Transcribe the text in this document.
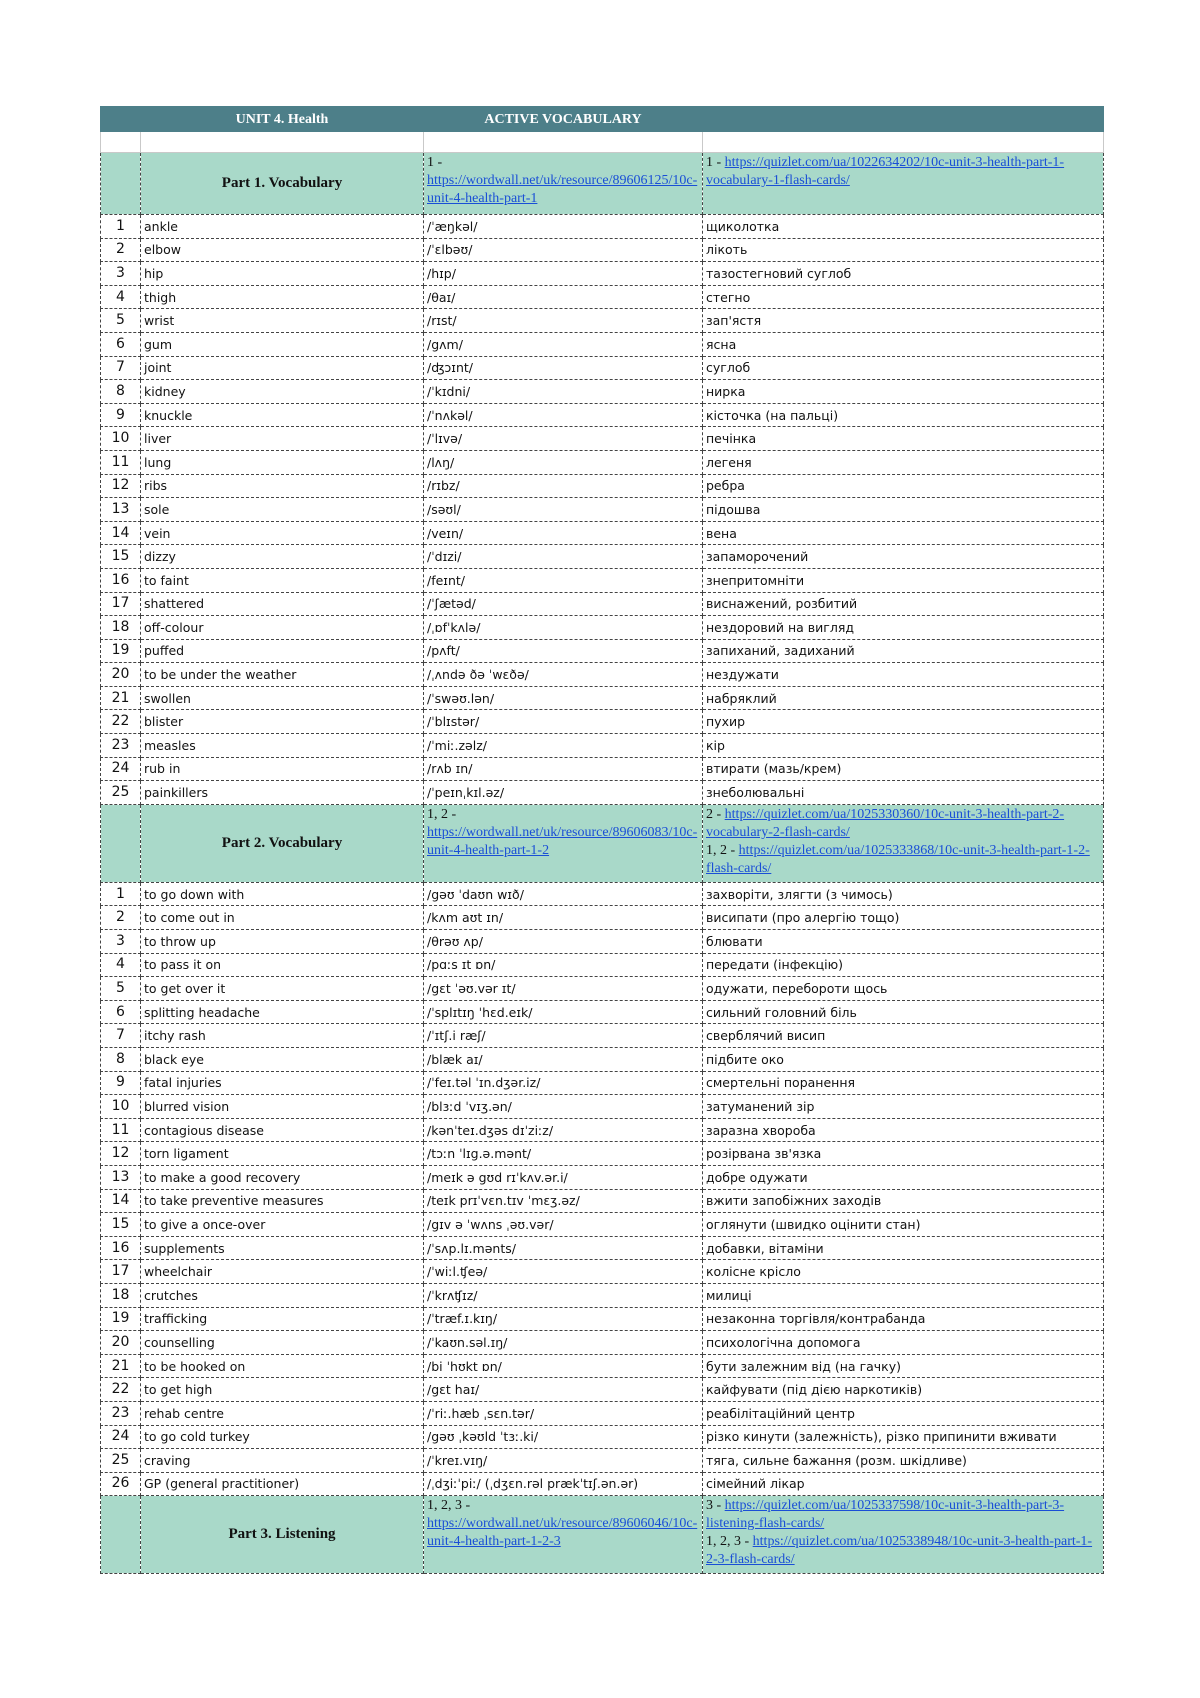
	UNIT 4. Health	ACTIVE VOCABULARY	

	Part 1. Vocabulary	1 - https://wordwall.net/uk/resource/89606125/10c-unit-4-health-part-1	1 - https://quizlet.com/ua/1022634202/10c-unit-3-health-part-1-vocabulary-1-flash-cards/

1	ankle	/ˈæŋkəl/	щиколотка
2	elbow	/ˈɛlbəʊ/	лікоть
3	hip	/hɪp/	тазостегновий суглоб
4	thigh	/θaɪ/	стегно
5	wrist	/rɪst/	зап'ястя
6	gum	/gʌm/	ясна
7	joint	/ʤɔɪnt/	суглоб
8	kidney	/ˈkɪdni/	нирка
9	knuckle	/ˈnʌkəl/	кісточка (на пальці)
10	liver	/ˈlɪvə/	печінка
11	lung	/lʌŋ/	легеня
12	ribs	/rɪbz/	ребра
13	sole	/səʊl/	підошва
14	vein	/veɪn/	вена
15	dizzy	/ˈdɪzi/	запаморочений
16	to faint	/feɪnt/	знепритомніти
17	shattered	/ˈʃætəd/	виснажений, розбитий
18	off-colour	/ˌɒfˈkʌlə/	нездоровий на вигляд
19	puffed	/pʌft/	запиханий, задиханий
20	to be under the weather	/ˌʌndə ðə ˈwɛðə/	нездужати
21	swollen	/ˈswəʊ.lən/	набряклий
22	blister	/ˈblɪstər/	пухир
23	measles	/ˈmiː.zəlz/	кір
24	rub in	/rʌb ɪn/	втирати (мазь/крем)
25	painkillers	/ˈpeɪnˌkɪl.əz/	знеболювальні
	Part 2. Vocabulary	1, 2 - https://wordwall.net/uk/resource/89606083/10c-unit-4-health-part-1-2	2 - https://quizlet.com/ua/1025330360/10c-unit-3-health-part-2-vocabulary-2-flash-cards/
1, 2 - https://quizlet.com/ua/1025333868/10c-unit-3-health-part-1-2-flash-cards/

1	to go down with	/gəʊ ˈdaʊn wɪð/	захворіти, злягти (з чимось)
2	to come out in	/kʌm aʊt ɪn/	висипати (про алергію тощо)
3	to throw up	/θrəʊ ʌp/	блювати
4	to pass it on	/pɑːs ɪt ɒn/	передати (інфекцію)
5	to get over it	/gɛt ˈəʊ.vər ɪt/	одужати, перебороти щось
6	splitting headache	/ˈsplɪtɪŋ ˈhɛd.eɪk/	сильний головний біль
7	itchy rash	/ˈɪtʃ.i ræʃ/	сверблячий висип
8	black eye	/blæk aɪ/	підбите око
9	fatal injuries	/ˈfeɪ.təl ˈɪn.dʒər.iz/	смертельні поранення
10	blurred vision	/blɜːd ˈvɪʒ.ən/	затуманений зір
11	contagious disease	/kənˈteɪ.dʒəs dɪˈziːz/	заразна хвороба
12	torn ligament	/tɔːn ˈlɪg.ə.mənt/	розірвана зв'язка
13	to make a good recovery	/meɪk ə gʊd rɪˈkʌv.ər.i/	добре одужати
14	to take preventive measures	/teɪk prɪˈvɛn.tɪv ˈmɛʒ.əz/	вжити запобіжних заходів
15	to give a once-over	/gɪv ə ˈwʌns ˌəʊ.vər/	оглянути (швидко оцінити стан)
16	supplements	/ˈsʌp.lɪ.mənts/	добавки, вітаміни
17	wheelchair	/ˈwiːl.ʧeə/	колісне крісло
18	crutches	/ˈkrʌʧɪz/	милиці
19	trafficking	/ˈtræf.ɪ.kɪŋ/	незаконна торгівля/контрабанда
20	counselling	/ˈkaʊn.səl.ɪŋ/	психологічна допомога
21	to be hooked on	/bi ˈhʊkt ɒn/	бути залежним від (на гачку)
22	to get high	/gɛt haɪ/	кайфувати (під дією наркотиків)
23	rehab centre	/ˈriː.hæb ˌsɛn.tər/	реабілітаційний центр
24	to go cold turkey	/gəʊ ˌkəʊld ˈtɜː.ki/	різко кинути (залежність), різко припинити вживати
25	craving	/ˈkreɪ.vɪŋ/	тяга, сильне бажання (розм. шкідливе)
26	GP (general practitioner)	/ˌdʒiːˈpiː/ (ˌdʒɛn.rəl prækˈtɪʃ.ən.ər)	сімейний лікар
	Part 3. Listening	1, 2, 3 - https://wordwall.net/uk/resource/89606046/10c-unit-4-health-part-1-2-3	3 - https://quizlet.com/ua/1025337598/10c-unit-3-health-part-3-listening-flash-cards/
1, 2, 3 - https://quizlet.com/ua/1025338948/10c-unit-3-health-part-1-2-3-flash-cards/
